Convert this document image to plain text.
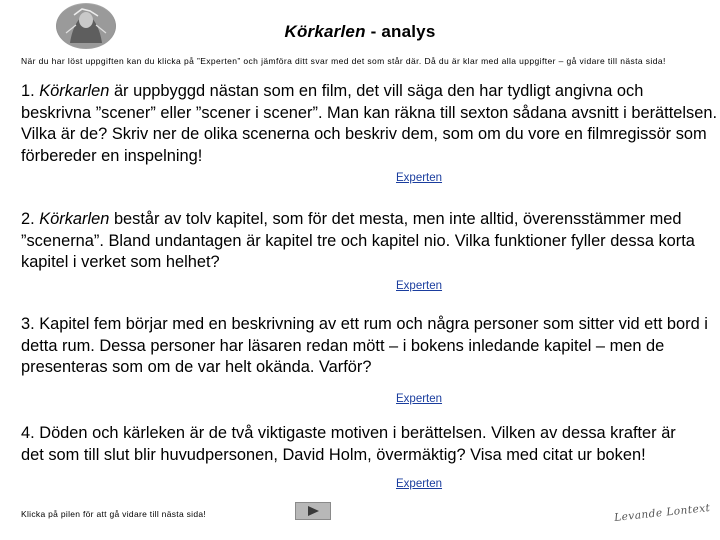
Körkarlen - analys
När du har löst uppgiften kan du klicka på ”Experten” och jämföra ditt svar med det som står där. Då du är klar med alla uppgifter – gå vidare till nästa sida!
1. Körkarlen är uppbyggd nästan som en film, det vill säga den har tydligt angivna och beskrivna ”scener” eller ”scener i scener”. Man kan räkna till sexton sådana avsnitt i berättelsen. Vilka är de? Skriv ner de olika scenerna och beskriv dem, som om du vore en filmregissör som förbereder en inspelning!
Experten
2. Körkarlen består av tolv kapitel, som för det mesta, men inte alltid, överensstämmer med ”scenerna”. Bland undantagen är kapitel tre och kapitel nio. Vilka funktioner fyller dessa korta kapitel i verket som helhet?
Experten
3. Kapitel fem börjar med en beskrivning av ett rum och några personer som sitter vid ett bord i detta rum. Dessa personer har läsaren redan mött – i bokens inledande kapitel – men de presenteras som om de var helt okända. Varför?
Experten
4. Döden och kärleken är de två viktigaste motiven i berättelsen. Vilken av dessa krafter är det som till slut blir huvudpersonen, David Holm, övermäktig? Visa med citat ur boken!
Experten
Klicka på pilen för att gå vidare till nästa sida!	Levande Lontext
